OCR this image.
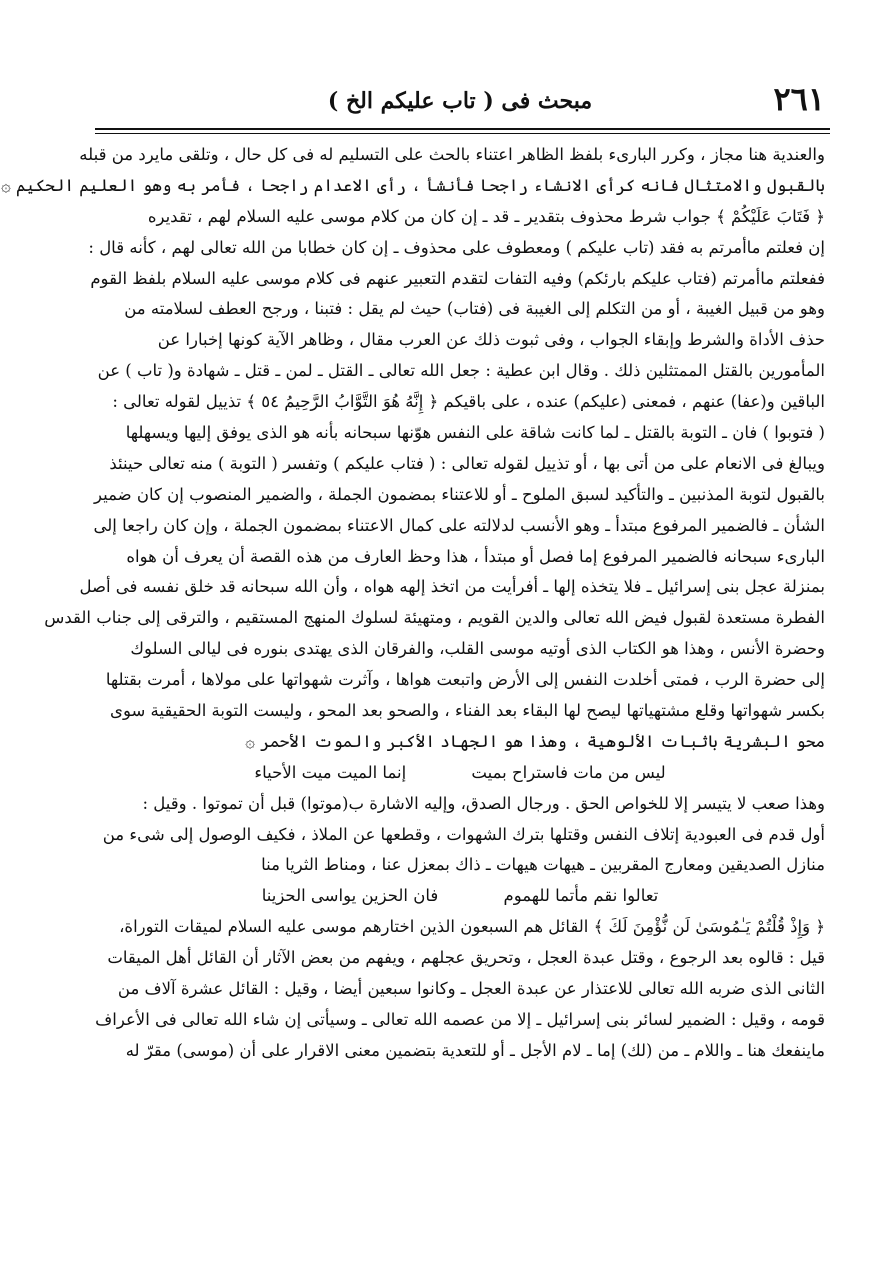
٢٦١
مبحث فى ( تاب عليكم الخ )
والعندية هنا مجاز ، وكرر البارىء بلفظ الظاهر اعتناء بالحث على التسليم له فى كل حال ، وتلقى مايرد من قبله
بالقبول والامتثال فانه كرأى الانشاء راجحا فأنشأ ، رأى الاعدام راجحا ، فأمر به وهو العليم الحكيم ۞
﴿ فَتَابَ عَلَيْكُمْ ﴾ جواب شرط محذوف بتقدير ـ قد ـ إن كان من كلام موسى عليه السلام لهم ، تقديره
إن فعلتم ماأمرتم به فقد (تاب عليكم ) ومعطوف على محذوف ـ إن كان خطابا من الله تعالى لهم ، كأنه قال :
ففعلتم ماأمرتم (فتاب عليكم بارئكم) وفيه التفات لتقدم التعبير عنهم فى كلام موسى عليه السلام بلفظ القوم
وهو من قبيل الغيبة ، أو من التكلم إلى الغيبة فى (فتاب) حيث لم يقل : فتبنا ، ورجح العطف لسلامته من
حذف الأداة والشرط وإبقاء الجواب ، وفى ثبوت ذلك عن العرب مقال ، وظاهر الآية كونها إخبارا عن
المأمورين بالقتل الممتثلين ذلك . وقال ابن عطية : جعل الله تعالى ـ القتل ـ لمن ـ قتل ـ شهادة و( تاب ) عن
الباقين و(عفا) عنهم ، فمعنى (عليكم) عنده ، على باقيكم ﴿ إِنَّهُ هُوَ التَّوَّابُ الرَّحِيمُ ٥٤ ﴾ تذييل لقوله تعالى :
( فتوبوا ) فان ـ التوبة بالقتل ـ لما كانت شاقة على النفس هوّنها سبحانه بأنه هو الذى يوفق إليها ويسهلها
ويبالغ فى الانعام على من أتى بها ، أو تذييل لقوله تعالى : ( فتاب عليكم ) وتفسر ( التوبة ) منه تعالى حينئذ
بالقبول لتوبة المذنبين ـ والتأكيد لسبق الملوح ـ أو للاعتناء بمضمون الجملة ، والضمير المنصوب إن كان ضمير
الشأن ـ فالضمير المرفوع مبتدأ ـ وهو الأنسب لدلالته على كمال الاعتناء بمضمون الجملة ، وإن كان راجعا إلى
البارىء سبحانه فالضمير المرفوع إما فصل أو مبتدأ ، هذا وحظ العارف من هذه القصة أن يعرف أن هواه
بمنزلة عجل بنى إسرائيل ـ فلا يتخذه إلها ـ أفرأيت من اتخذ إلهه هواه ، وأن الله سبحانه قد خلق نفسه فى أصل
الفطرة مستعدة لقبول فيض الله تعالى والدين القويم ، ومتهيئة لسلوك المنهج المستقيم ، والترقى إلى جناب القدس
وحضرة الأنس ، وهذا هو الكتاب الذى أوتيه موسى القلب، والفرقان الذى يهتدى بنوره فى ليالى السلوك
إلى حضرة الرب ، فمتى أخلدت النفس إلى الأرض واتبعت هواها ، وآثرت شهواتها على مولاها ، أمرت بقتلها
بكسر شهواتها وقلع مشتهياتها ليصح لها البقاء بعد الفناء ، والصحو بعد المحو ، وليست التوبة الحقيقية سوى
محو البشرية باثبات الألوهية ، وهذا هو الجهاد الأكبر والموت الأحمر ۞
ليس من مات فاستراح بميت إنما الميت ميت الأحياء
وهذا صعب لا يتيسر إلا للخواص الحق . ورجال الصدق، وإليه الاشارة ب(موتوا) قبل أن تموتوا . وقيل :
أول قدم فى العبودية إتلاف النفس وقتلها بترك الشهوات ، وقطعها عن الملاذ ، فكيف الوصول إلى شىء من
منازل الصديقين ومعارج المقربين ـ هيهات هيهات ـ ذاك بمعزل عنا ، ومناط الثريا منا
تعالوا نقم مأتما للهموم فان الحزين يواسى الحزينا
﴿ وَإِذْ قُلْتُمْ يَـٰمُوسَىٰ لَن نُّؤْمِنَ لَكَ ﴾ القائل هم السبعون الذين اختارهم موسى عليه السلام لميقات التوراة،
قيل : قالوه بعد الرجوع ، وقتل عبدة العجل ، وتحريق عجلهم ، ويفهم من بعض الآثار أن القائل أهل الميقات
الثانى الذى ضربه الله تعالى للاعتذار عن عبدة العجل ـ وكانوا سبعين أيضا ، وقيل : القائل عشرة آلاف من
قومه ، وقيل : الضمير لسائر بنى إسرائيل ـ إلا من عصمه الله تعالى ـ وسيأتى إن شاء الله تعالى فى الأعراف
ماينفعك هنا ـ واللام ـ من (لك) إما ـ لام الأجل ـ أو للتعدية بتضمين معنى الاقرار على أن (موسى) مقرّ له
